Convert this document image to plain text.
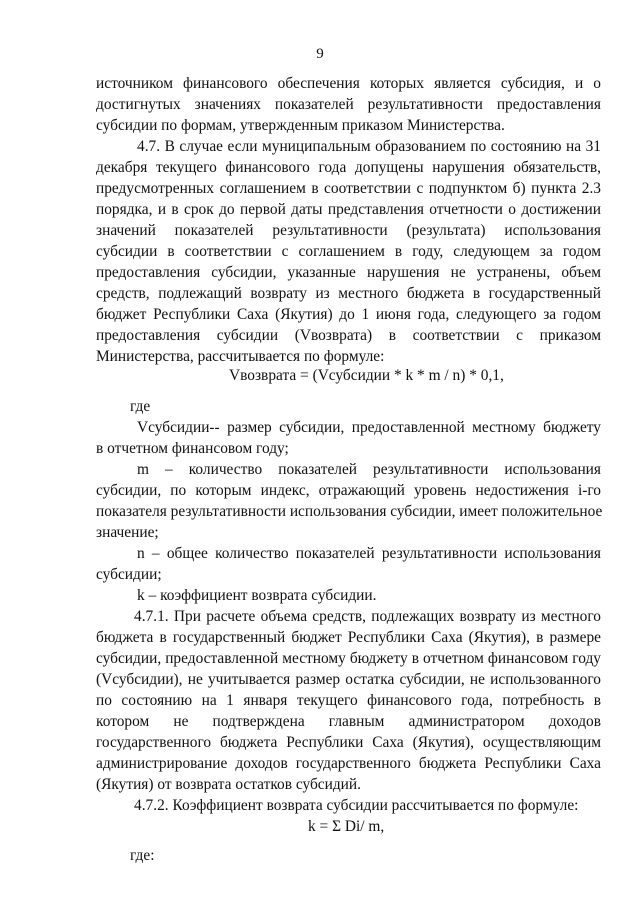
9
источником финансового обеспечения которых является субсидия, и о
достигнутых значениях показателей результативности предоставления
субсидии по формам, утвержденным приказом Министерства.
4.7. В случае если муниципальным образованием по состоянию на 31
декабря текущего финансового года допущены нарушения обязательств,
предусмотренных соглашением в соответствии с подпунктом б) пункта 2.3
порядка, и в срок до первой даты представления отчетности о достижении
значений показателей результативности (результата) использования
субсидии в соответствии с соглашением в году, следующем за годом
предоставления субсидии, указанные нарушения не устранены, объем
средств, подлежащий возврату из местного бюджета в государственный
бюджет Республики Саха (Якутия) до 1 июня года, следующего за годом
предоставления субсидии (Vвозврата) в соответствии с приказом
Министерства, рассчитывается по формуле:
Vвозврата = (Vсубсидии * k * m / n) * 0,1,
где
Vсубсидии-- размер субсидии, предоставленной местному бюджету
в отчетном финансовом году;
m – количество показателей результативности использования
субсидии, по которым индекс, отражающий уровень недостижения i-го
показателя результативности использования субсидии, имеет положительное
значение;
n – общее количество показателей результативности использования
субсидии;
k – коэффициент возврата субсидии.
4.7.1. При расчете объема средств, подлежащих возврату из местного
бюджета в государственный бюджет Республики Саха (Якутия), в размере
субсидии, предоставленной местному бюджету в отчетном финансовом году
(Vсубсидии), не учитывается размер остатка субсидии, не использованного
по состоянию на 1 января текущего финансового года, потребность в
котором не подтверждена главным администратором доходов
государственного бюджета Республики Саха (Якутия), осуществляющим
администрирование доходов государственного бюджета Республики Саха
(Якутия) от возврата остатков субсидий.
4.7.2. Коэффициент возврата субсидии рассчитывается по формуле:
k = Σ Di/ m,
где:
